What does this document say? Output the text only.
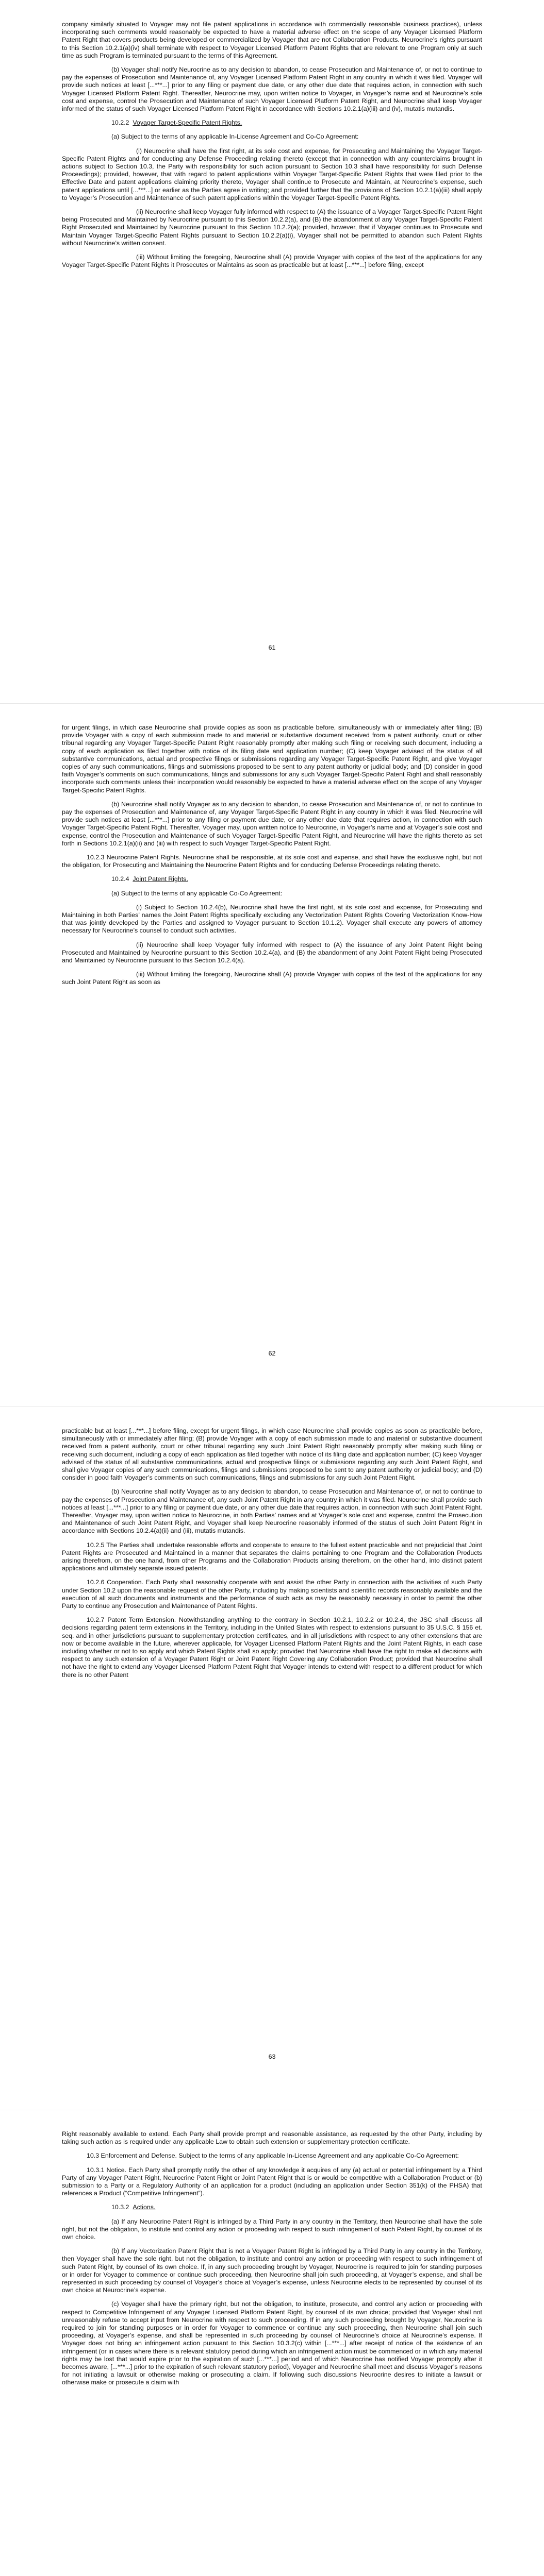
company similarly situated to Voyager may not file patent applications in accordance with commercially reasonable business practices), unless incorporating such comments would reasonably be expected to have a material adverse effect on the scope of any Voyager Licensed Platform Patent Right that covers products being developed or commercialized by Voyager that are not Collaboration Products. Neurocrine’s rights pursuant to this Section 10.2.1(a)(iv) shall terminate with respect to Voyager Licensed Platform Patent Rights that are relevant to one Program only at such time as such Program is terminated pursuant to the terms of this Agreement.

(b) Voyager shall notify Neurocrine as to any decision to abandon, to cease Prosecution and Maintenance of, or not to continue to pay the expenses of Prosecution and Maintenance of, any Voyager Licensed Platform Patent Right in any country in which it was filed. Voyager will provide such notices at least [...***...] prior to any filing or payment due date, or any other due date that requires action, in connection with such Voyager Licensed Platform Patent Right. Thereafter, Neurocrine may, upon written notice to Voyager, in Voyager’s name and at Neurocrine’s sole cost and expense, control the Prosecution and Maintenance of such Voyager Licensed Platform Patent Right, and Neurocrine shall keep Voyager informed of the status of such Voyager Licensed Platform Patent Right in accordance with Sections 10.2.1(a)(iii) and (iv), mutatis mutandis.

10.2.2 Voyager Target-Specific Patent Rights.

(a) Subject to the terms of any applicable In-License Agreement and Co-Co Agreement:

(i) Neurocrine shall have the first right, at its sole cost and expense, for Prosecuting and Maintaining the Voyager Target-Specific Patent Rights and for conducting any Defense Proceeding relating thereto (except that in connection with any counterclaims brought in actions subject to Section 10.3, the Party with responsibility for such action pursuant to Section 10.3 shall have responsibility for such Defense Proceedings); provided, however, that with regard to patent applications within Voyager Target-Specific Patent Rights that were filed prior to the Effective Date and patent applications claiming priority thereto, Voyager shall continue to Prosecute and Maintain, at Neurocrine’s expense, such patent applications until [...***...] or earlier as the Parties agree in writing; and provided further that the provisions of Section 10.2.1(a)(iii) shall apply to Voyager’s Prosecution and Maintenance of such patent applications within the Voyager Target-Specific Patent Rights.

(ii) Neurocrine shall keep Voyager fully informed with respect to (A) the issuance of a Voyager Target-Specific Patent Right being Prosecuted and Maintained by Neurocrine pursuant to this Section 10.2.2(a), and (B) the abandonment of any Voyager Target-Specific Patent Right Prosecuted and Maintained by Neurocrine pursuant to this Section 10.2.2(a); provided, however, that if Voyager continues to Prosecute and Maintain Voyager Target-Specific Patent Rights pursuant to Section 10.2.2(a)(i), Voyager shall not be permitted to abandon such Patent Rights without Neurocrine’s written consent.

(iii) Without limiting the foregoing, Neurocrine shall (A) provide Voyager with copies of the text of the applications for any Voyager Target-Specific Patent Rights it Prosecutes or Maintains as soon as practicable but at least [...***...] before filing, except

61

for urgent filings, in which case Neurocrine shall provide copies as soon as practicable before, simultaneously with or immediately after filing; (B) provide Voyager with a copy of each submission made to and material or substantive document received from a patent authority, court or other tribunal regarding any Voyager Target-Specific Patent Right reasonably promptly after making such filing or receiving such document, including a copy of each application as filed together with notice of its filing date and application number; (C) keep Voyager advised of the status of all substantive communications, actual and prospective filings or submissions regarding any Voyager Target-Specific Patent Right, and give Voyager copies of any such communications, filings and submissions proposed to be sent to any patent authority or judicial body; and (D) consider in good faith Voyager’s comments on such communications, filings and submissions for any such Voyager Target-Specific Patent Right and shall reasonably incorporate such comments unless their incorporation would reasonably be expected to have a material adverse effect on the scope of any Voyager Target-Specific Patent Rights.

(b) Neurocrine shall notify Voyager as to any decision to abandon, to cease Prosecution and Maintenance of, or not to continue to pay the expenses of Prosecution and Maintenance of, any Voyager Target-Specific Patent Right in any country in which it was filed. Neurocrine will provide such notices at least [...***...] prior to any filing or payment due date, or any other due date that requires action, in connection with such Voyager Target-Specific Patent Right. Thereafter, Voyager may, upon written notice to Neurocrine, in Voyager’s name and at Voyager’s sole cost and expense, control the Prosecution and Maintenance of such Voyager Target-Specific Patent Right, and Neurocrine will have the rights thereto as set forth in Sections 10.2.1(a)(ii) and (iii) with respect to such Voyager Target-Specific Patent Right.

10.2.3 Neurocrine Patent Rights. Neurocrine shall be responsible, at its sole cost and expense, and shall have the exclusive right, but not the obligation, for Prosecuting and Maintaining the Neurocrine Patent Rights and for conducting Defense Proceedings relating thereto.

10.2.4 Joint Patent Rights.

(a) Subject to the terms of any applicable Co-Co Agreement:

(i) Subject to Section 10.2.4(b), Neurocrine shall have the first right, at its sole cost and expense, for Prosecuting and Maintaining in both Parties’ names the Joint Patent Rights specifically excluding any Vectorization Patent Rights Covering Vectorization Know-How that was jointly developed by the Parties and assigned to Voyager pursuant to Section 10.1.2). Voyager shall execute any powers of attorney necessary for Neurocrine’s counsel to conduct such activities.

(ii) Neurocrine shall keep Voyager fully informed with respect to (A) the issuance of any Joint Patent Right being Prosecuted and Maintained by Neurocrine pursuant to this Section 10.2.4(a), and (B) the abandonment of any Joint Patent Right being Prosecuted and Maintained by Neurocrine pursuant to this Section 10.2.4(a).

(iii) Without limiting the foregoing, Neurocrine shall (A) provide Voyager with copies of the text of the applications for any such Joint Patent Right as soon as

62

practicable but at least [...***...] before filing, except for urgent filings, in which case Neurocrine shall provide copies as soon as practicable before, simultaneously with or immediately after filing; (B) provide Voyager with a copy of each submission made to and material or substantive document received from a patent authority, court or other tribunal regarding any such Joint Patent Right reasonably promptly after making such filing or receiving such document, including a copy of each application as filed together with notice of its filing date and application number; (C) keep Voyager advised of the status of all substantive communications, actual and prospective filings or submissions regarding any such Joint Patent Right, and shall give Voyager copies of any such communications, filings and submissions proposed to be sent to any patent authority or judicial body; and (D) consider in good faith Voyager’s comments on such communications, filings and submissions for any such Joint Patent Right.

(b) Neurocrine shall notify Voyager as to any decision to abandon, to cease Prosecution and Maintenance of, or not to continue to pay the expenses of Prosecution and Maintenance of, any such Joint Patent Right in any country in which it was filed. Neurocrine shall provide such notices at least [...***...] prior to any filing or payment due date, or any other due date that requires action, in connection with such Joint Patent Right. Thereafter, Voyager may, upon written notice to Neurocrine, in both Parties’ names and at Voyager’s sole cost and expense, control the Prosecution and Maintenance of such Joint Patent Right, and Voyager shall keep Neurocrine reasonably informed of the status of such Joint Patent Right in accordance with Sections 10.2.4(a)(ii) and (iii), mutatis mutandis.

10.2.5 The Parties shall undertake reasonable efforts and cooperate to ensure to the fullest extent practicable and not prejudicial that Joint Patent Rights are Prosecuted and Maintained in a manner that separates the claims pertaining to one Program and the Collaboration Products arising therefrom, on the one hand, from other Programs and the Collaboration Products arising therefrom, on the other hand, into distinct patent applications and ultimately separate issued patents.

10.2.6 Cooperation. Each Party shall reasonably cooperate with and assist the other Party in connection with the activities of such Party under Section 10.2 upon the reasonable request of the other Party, including by making scientists and scientific records reasonably available and the execution of all such documents and instruments and the performance of such acts as may be reasonably necessary in order to permit the other Party to continue any Prosecution and Maintenance of Patent Rights.

10.2.7 Patent Term Extension. Notwithstanding anything to the contrary in Section 10.2.1, 10.2.2 or 10.2.4, the JSC shall discuss all decisions regarding patent term extensions in the Territory, including in the United States with respect to extensions pursuant to 35 U.S.C. § 156 et. seq. and in other jurisdictions pursuant to supplementary protection certificates, and in all jurisdictions with respect to any other extensions that are now or become available in the future, wherever applicable, for Voyager Licensed Platform Patent Rights and the Joint Patent Rights, in each case including whether or not to so apply and which Patent Rights shall so apply; provided that Neurocrine shall have the right to make all decisions with respect to any such extension of a Voyager Patent Right or Joint Patent Right Covering any Collaboration Product; provided that Neurocrine shall not have the right to extend any Voyager Licensed Platform Patent Right that Voyager intends to extend with respect to a different product for which there is no other Patent

63

Right reasonably available to extend. Each Party shall provide prompt and reasonable assistance, as requested by the other Party, including by taking such action as is required under any applicable Law to obtain such extension or supplementary protection certificate.

10.3 Enforcement and Defense. Subject to the terms of any applicable In-License Agreement and any applicable Co-Co Agreement:

10.3.1 Notice. Each Party shall promptly notify the other of any knowledge it acquires of any (a) actual or potential infringement by a Third Party of any Voyager Patent Right, Neurocrine Patent Right or Joint Patent Right that is or would be competitive with a Collaboration Product or (b) submission to a Party or a Regulatory Authority of an application for a product (including an application under Section 351(k) of the PHSA) that references a Product (“Competitive Infringement”).

10.3.2 Actions.

(a) If any Neurocrine Patent Right is infringed by a Third Party in any country in the Territory, then Neurocrine shall have the sole right, but not the obligation, to institute and control any action or proceeding with respect to such infringement of such Patent Right, by counsel of its own choice.

(b) If any Vectorization Patent Right that is not a Voyager Patent Right is infringed by a Third Party in any country in the Territory, then Voyager shall have the sole right, but not the obligation, to institute and control any action or proceeding with respect to such infringement of such Patent Right, by counsel of its own choice. If, in any such proceeding brought by Voyager, Neurocrine is required to join for standing purposes or in order for Voyager to commence or continue such proceeding, then Neurocrine shall join such proceeding, at Voyager’s expense, and shall be represented in such proceeding by counsel of Voyager’s choice at Voyager’s expense, unless Neurocrine elects to be represented by counsel of its own choice at Neurocrine’s expense.

(c) Voyager shall have the primary right, but not the obligation, to institute, prosecute, and control any action or proceeding with respect to Competitive Infringement of any Voyager Licensed Platform Patent Right, by counsel of its own choice; provided that Voyager shall not unreasonably refuse to accept input from Neurocrine with respect to such proceeding. If in any such proceeding brought by Voyager, Neurocrine is required to join for standing purposes or in order for Voyager to commence or continue any such proceeding, then Neurocrine shall join such proceeding, at Voyager’s expense, and shall be represented in such proceeding by counsel of Neurocrine’s choice at Neurocrine’s expense. If Voyager does not bring an infringement action pursuant to this Section 10.3.2(c) within [...***...] after receipt of notice of the existence of an infringement (or in cases where there is a relevant statutory period during which an infringement action must be commenced or in which any material rights may be lost that would expire prior to the expiration of such [...***...] period and of which Neurocrine has notified Voyager promptly after it becomes aware, [...***...] prior to the expiration of such relevant statutory period), Voyager and Neurocrine shall meet and discuss Voyager’s reasons for not initiating a lawsuit or otherwise making or prosecuting a claim. If following such discussions Neurocrine desires to initiate a lawsuit or otherwise make or prosecute a claim with
